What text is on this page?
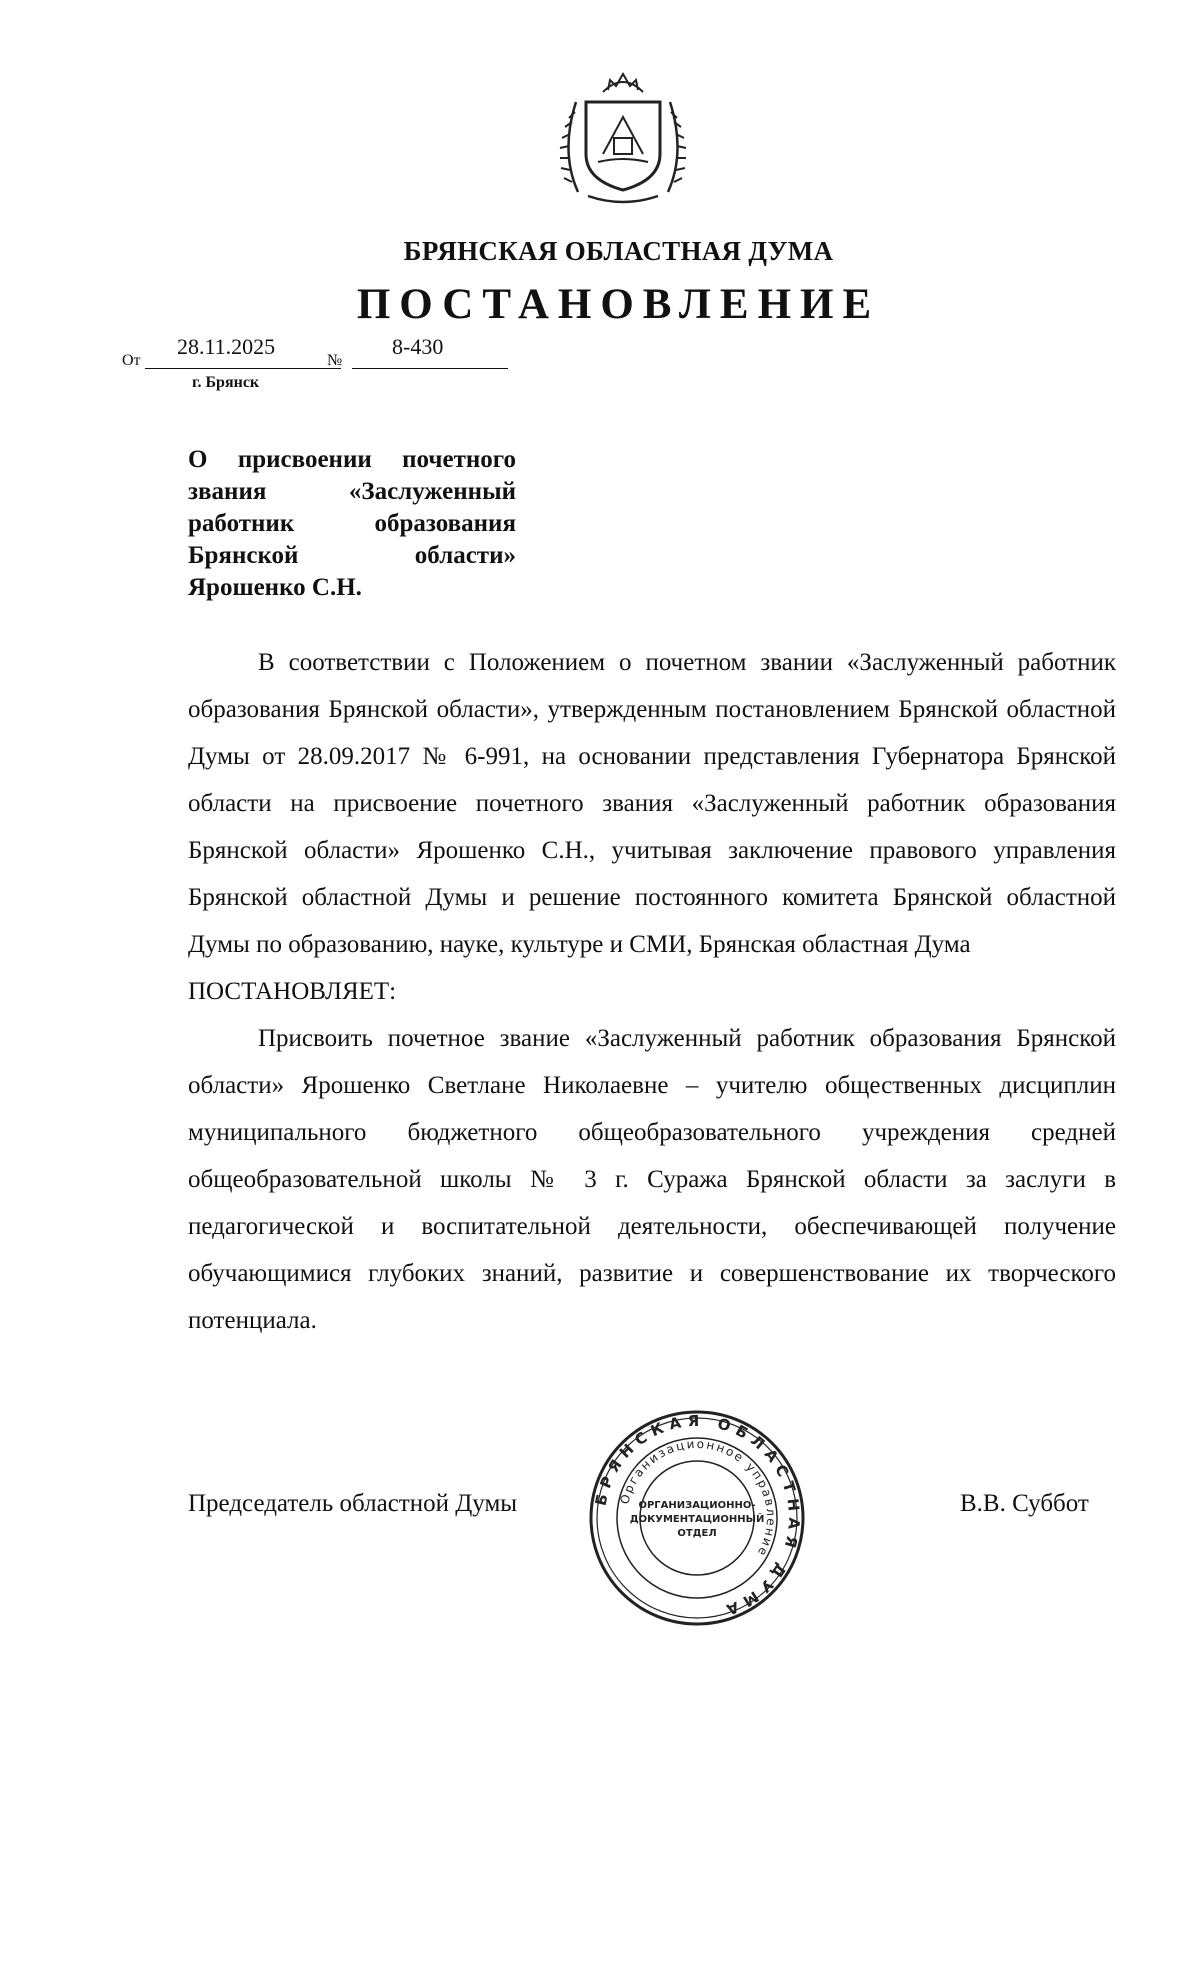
БРЯНСКАЯ ОБЛАСТНАЯ ДУМА
ПОСТАНОВЛЕНИЕ
От
28.11.2025
№
8-430
г. Брянск
О присвоении почетного
звания «Заслуженный
работник образования
Брянской области»
Ярошенко С.Н.

В соответствии с Положением о почетном звании «Заслуженный работник образования Брянской области», утвержденным постановлением Брянской областной Думы от 28.09.2017 № 6-991, на основании представления Губернатора Брянской области на присвоение почетного звания «Заслуженный работник образования Брянской области» Ярошенко С.Н., учитывая заключение правового управления Брянской областной Думы и решение постоянного комитета Брянской областной Думы по образованию, науке, культуре и СМИ, Брянская областная Дума

ПОСТАНОВЛЯЕТ:

Присвоить почетное звание «Заслуженный работник образования Брянской области» Ярошенко Светлане Николаевне – учителю общественных дисциплин муниципального бюджетного общеобразовательного учреждения средней общеобразовательной школы № 3 г. Суража Брянской области за заслуги в педагогической и воспитательной деятельности, обеспечивающей получение обучающимися глубоких знаний, развитие и совершенствование их творческого потенциала.

Председатель областной Думы	В.В. Суббот
БРЯНСКАЯ ОБЛАСТНАЯ ДУМА
Организационное управление
ОРГАНИЗАЦИОННО-
ДОКУМЕНТАЦИОННЫЙ
ОТДЕЛ
